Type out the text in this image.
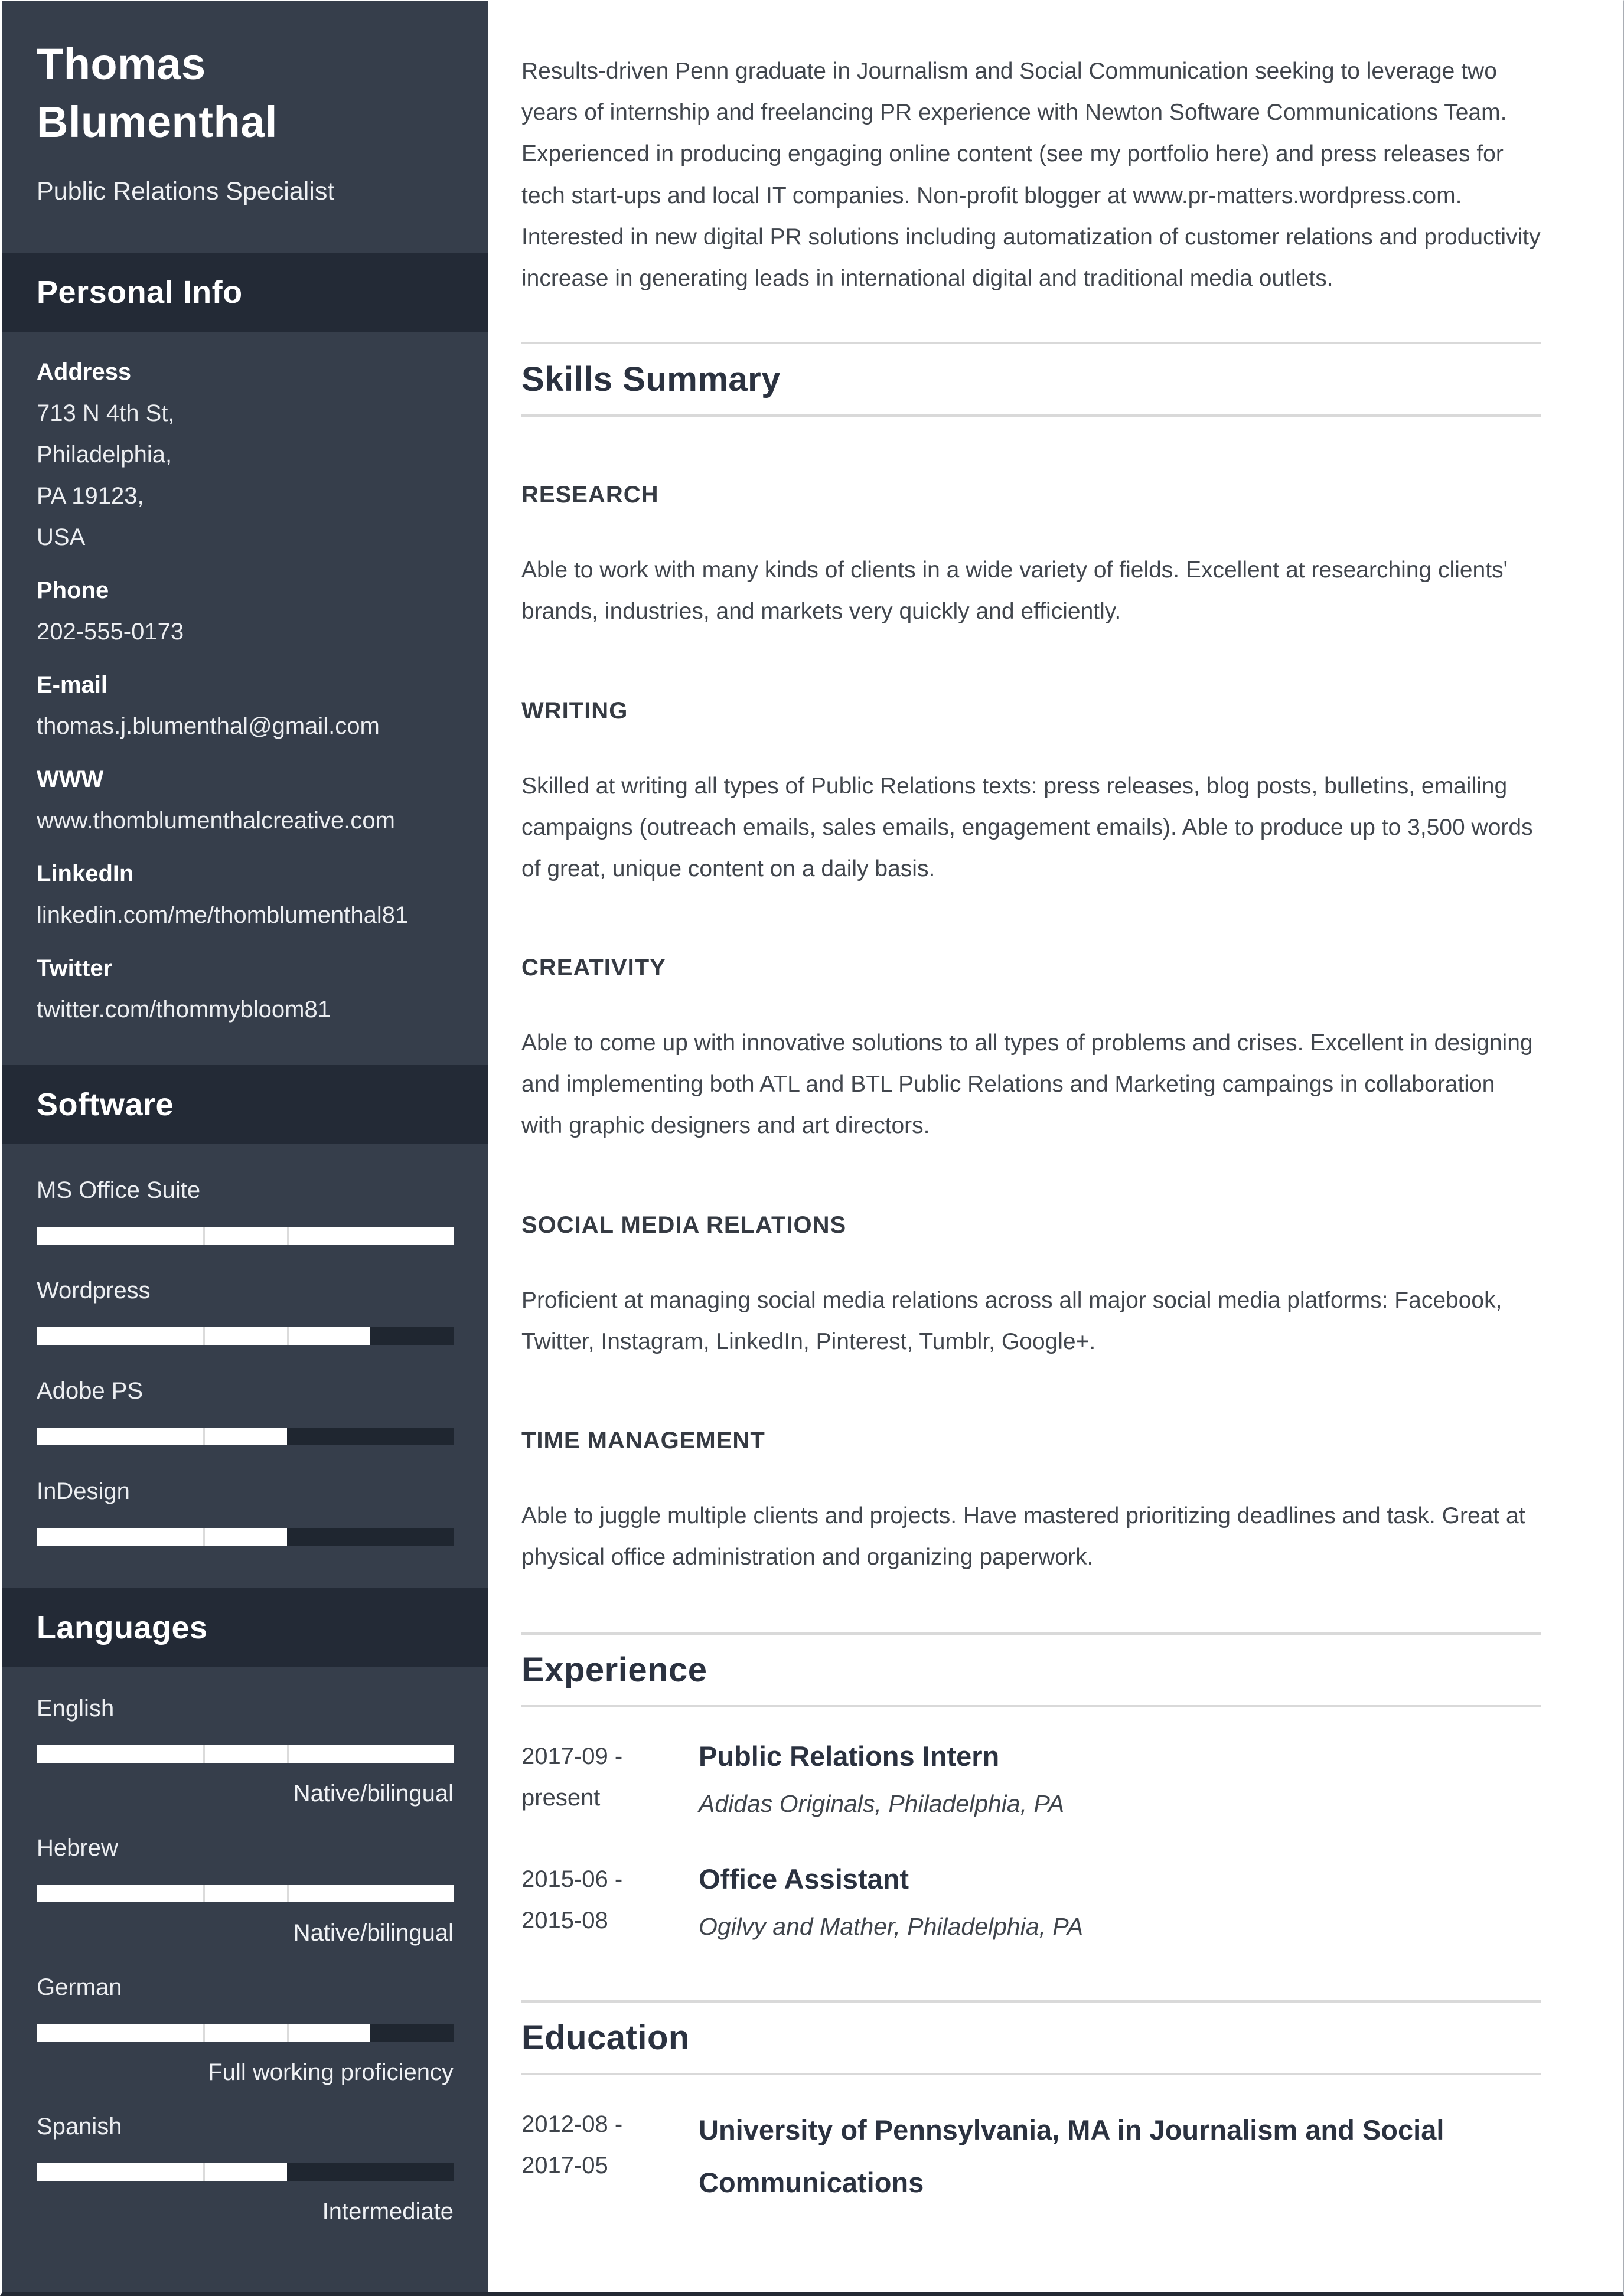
Thomas Blumenthal
Public Relations Specialist
Personal Info
Address
713 N 4th St,
Philadelphia,
PA 19123,
USA
Phone
202-555-0173
E-mail
thomas.j.blumenthal@gmail.com
WWW
www.thomblumenthalcreative.com
LinkedIn
linkedin.com/me/thomblumenthal81
Twitter
twitter.com/thommybloom81
Software
MS Office Suite
Wordpress
Adobe PS
InDesign
Languages
English
Native/bilingual
Hebrew
Native/bilingual
German
Full working proficiency
Spanish
Intermediate
Results-driven Penn graduate in Journalism and Social Communication seeking to leverage two years of internship and freelancing PR experience with Newton Software Communications Team. Experienced in producing engaging online content (see my portfolio here) and press releases for tech start-ups and local IT companies. Non-profit blogger at www.pr-matters.wordpress.com. Interested in new digital PR solutions including automatization of customer relations and productivity increase in generating leads in international digital and traditional media outlets.
Skills Summary
RESEARCH
Able to work with many kinds of clients in a wide variety of fields. Excellent at researching clients' brands, industries, and markets very quickly and efficiently.
WRITING
Skilled at writing all types of Public Relations texts: press releases, blog posts, bulletins, emailing campaigns (outreach emails, sales emails, engagement emails). Able to produce up to 3,500 words of great, unique content on a daily basis.
CREATIVITY
Able to come up with innovative solutions to all types of problems and crises. Excellent in designing and implementing both ATL and BTL Public Relations and Marketing campaings in collaboration with graphic designers and art directors.
SOCIAL MEDIA RELATIONS
Proficient at managing social media relations across all major social media platforms: Facebook, Twitter, Instagram, LinkedIn, Pinterest, Tumblr, Google+.
TIME MANAGEMENT
Able to juggle multiple clients and projects. Have mastered prioritizing deadlines and task. Great at physical office administration and organizing paperwork.
Experience
2017-09 -
present
Public Relations Intern
Adidas Originals, Philadelphia, PA
2015-06 -
2015-08
Office Assistant
Ogilvy and Mather, Philadelphia, PA
Education
2012-08 -
2017-05
University of Pennsylvania, MA in Journalism and Social Communications
